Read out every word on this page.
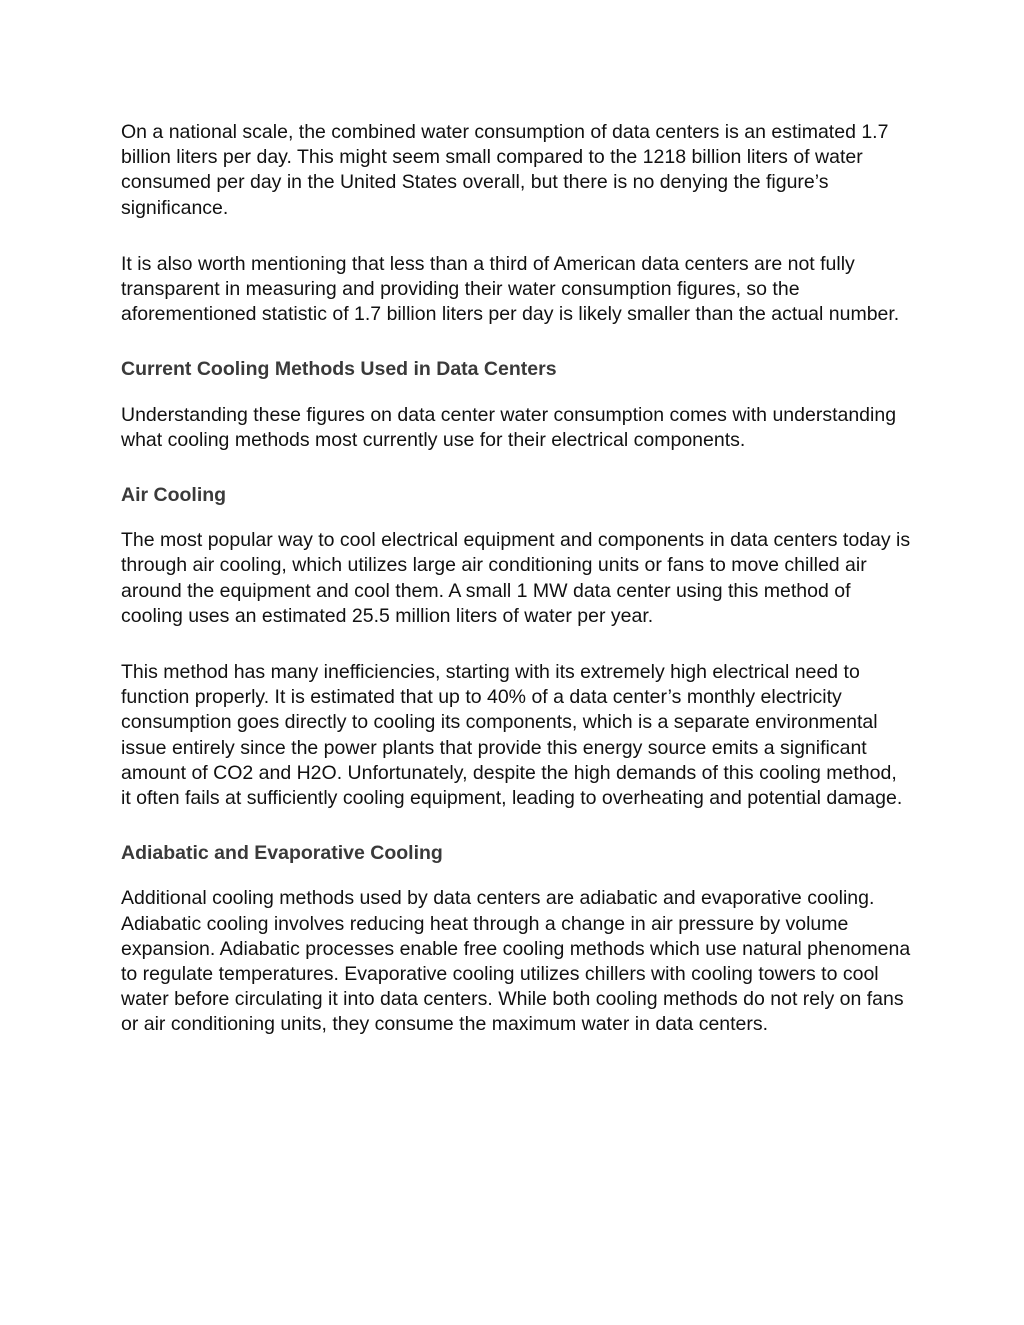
On a national scale, the combined water consumption of data centers is an estimated 1.7 billion liters per day. This might seem small compared to the 1218 billion liters of water consumed per day in the United States overall, but there is no denying the figure’s significance.

It is also worth mentioning that less than a third of American data centers are not fully transparent in measuring and providing their water consumption figures, so the aforementioned statistic of 1.7 billion liters per day is likely smaller than the actual number.

Current Cooling Methods Used in Data Centers

Understanding these figures on data center water consumption comes with understanding what cooling methods most currently use for their electrical components.

Air Cooling

The most popular way to cool electrical equipment and components in data centers today is through air cooling, which utilizes large air conditioning units or fans to move chilled air around the equipment and cool them. A small 1 MW data center using this method of cooling uses an estimated 25.5 million liters of water per year.

This method has many inefficiencies, starting with its extremely high electrical need to function properly. It is estimated that up to 40% of a data center’s monthly electricity consumption goes directly to cooling its components, which is a separate environmental issue entirely since the power plants that provide this energy source emits a significant amount of CO2 and H2O. Unfortunately, despite the high demands of this cooling method, it often fails at sufficiently cooling equipment, leading to overheating and potential damage.

Adiabatic and Evaporative Cooling

Additional cooling methods used by data centers are adiabatic and evaporative cooling. Adiabatic cooling involves reducing heat through a change in air pressure by volume expansion. Adiabatic processes enable free cooling methods which use natural phenomena to regulate temperatures. Evaporative cooling utilizes chillers with cooling towers to cool water before circulating it into data centers. While both cooling methods do not rely on fans or air conditioning units, they consume the maximum water in data centers.
